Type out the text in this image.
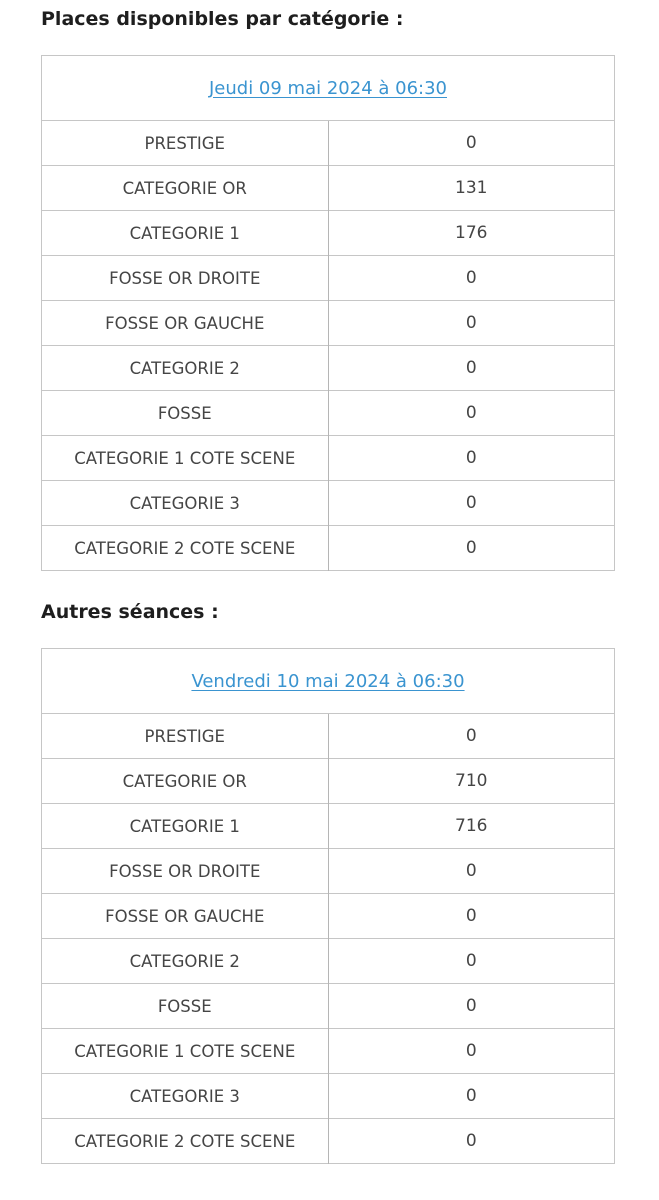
Places disponibles par catégorie :
Jeudi 09 mai 2024 à 06:30	
PRESTIGE	0
CATEGORIE OR	131
CATEGORIE 1	176
FOSSE OR DROITE	0
FOSSE OR GAUCHE	0
CATEGORIE 2	0
FOSSE	0
CATEGORIE 1 COTE SCENE	0
CATEGORIE 3	0
CATEGORIE 2 COTE SCENE	0
Autres séances :
Vendredi 10 mai 2024 à 06:30	
PRESTIGE	0
CATEGORIE OR	710
CATEGORIE 1	716
FOSSE OR DROITE	0
FOSSE OR GAUCHE	0
CATEGORIE 2	0
FOSSE	0
CATEGORIE 1 COTE SCENE	0
CATEGORIE 3	0
CATEGORIE 2 COTE SCENE	0
